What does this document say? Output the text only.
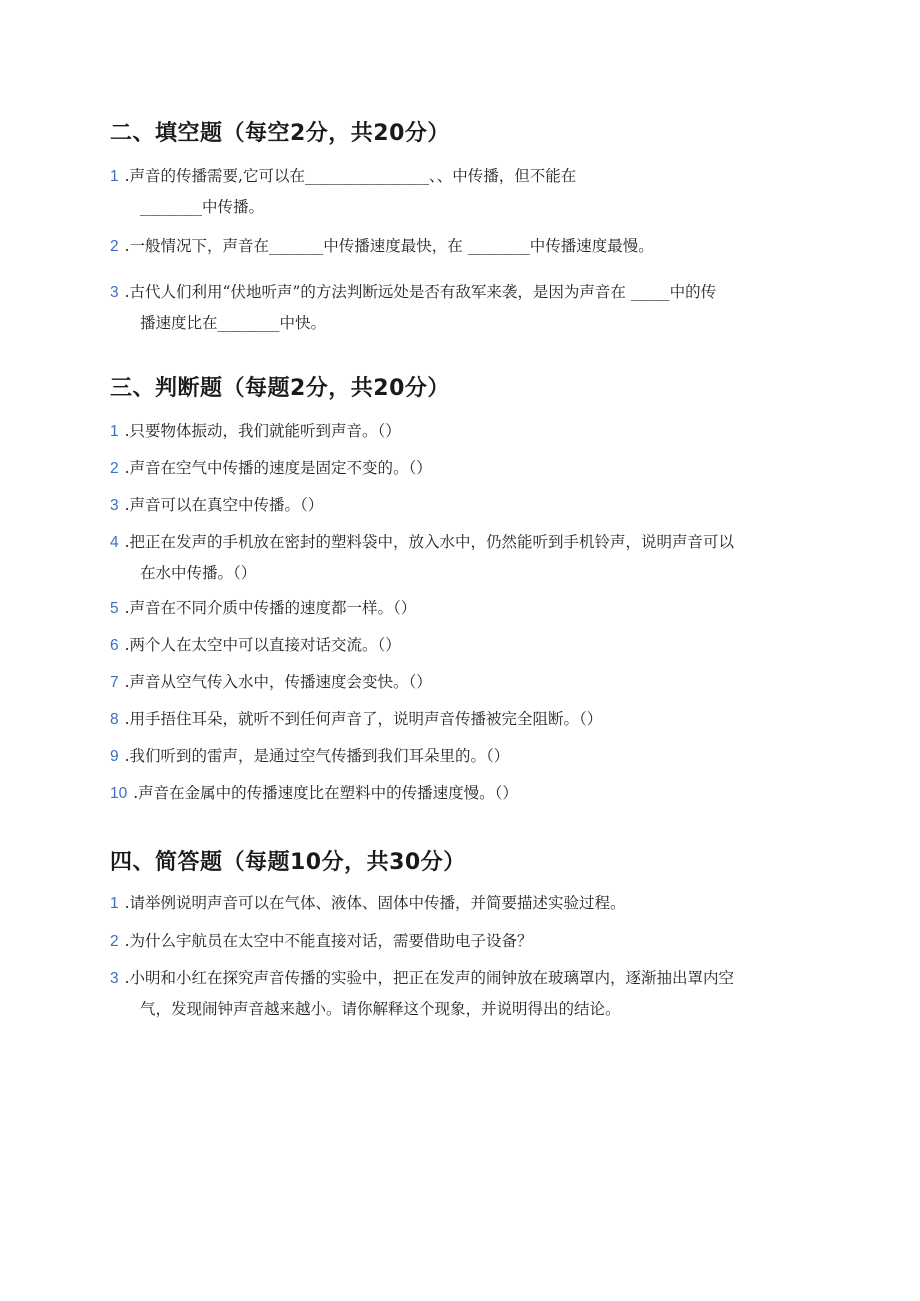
二、填空题（每空2分，共20分）
1 .声音的传播需要,它可以在________________、、中传播，但不能在
________中传播。
2 .一般情况下，声音在_______中传播速度最快，在 ________中传播速度最慢。
3 .古代人们利用“伏地听声”的方法判断远处是否有敌军来袭，是因为声音在 _____中的传
播速度比在________中快。
三、判断题（每题2分，共20分）
1 .只要物体振动，我们就能听到声音。（）
2 .声音在空气中传播的速度是固定不变的。（）
3 .声音可以在真空中传播。（）
4 .把正在发声的手机放在密封的塑料袋中，放入水中，仍然能听到手机铃声，说明声音可以
在水中传播。（）
5 .声音在不同介质中传播的速度都一样。（）
6 .两个人在太空中可以直接对话交流。（）
7 .声音从空气传入水中，传播速度会变快。（）
8 .用手捂住耳朵，就听不到任何声音了，说明声音传播被完全阻断。（）
9 .我们听到的雷声，是通过空气传播到我们耳朵里的。（）
10 .声音在金属中的传播速度比在塑料中的传播速度慢。（）
四、简答题（每题10分，共30分）
1 .请举例说明声音可以在气体、液体、固体中传播，并简要描述实验过程。
2 .为什么宇航员在太空中不能直接对话，需要借助电子设备？
3 .小明和小红在探究声音传播的实验中，把正在发声的闹钟放在玻璃罩内，逐渐抽出罩内空
气，发现闹钟声音越来越小。请你解释这个现象，并说明得出的结论。
